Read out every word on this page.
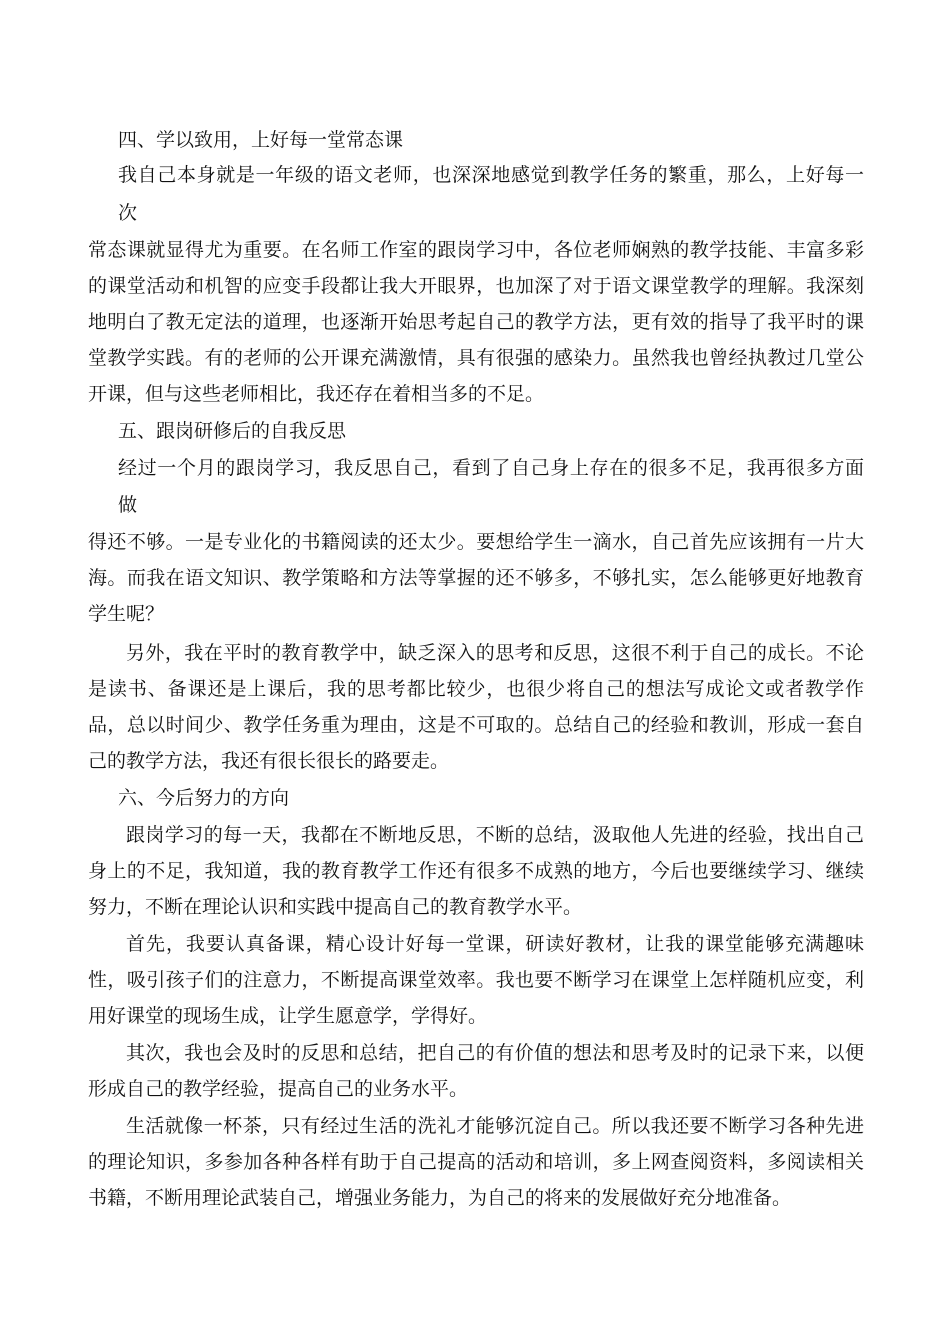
四、学以致用，上好每一堂常态课

我自己本身就是一年级的语文老师，也深深地感觉到教学任务的繁重，那么，上好每一

次

常态课就显得尤为重要。在名师工作室的跟岗学习中，各位老师娴熟的教学技能、丰富多彩

的课堂活动和机智的应变手段都让我大开眼界，也加深了对于语文课堂教学的理解。我深刻

地明白了教无定法的道理，也逐渐开始思考起自己的教学方法，更有效的指导了我平时的课

堂教学实践。有的老师的公开课充满激情，具有很强的感染力。虽然我也曾经执教过几堂公

开课，但与这些老师相比，我还存在着相当多的不足。

五、跟岗研修后的自我反思

经过一个月的跟岗学习，我反思自己，看到了自己身上存在的很多不足，我再很多方面

做

得还不够。一是专业化的书籍阅读的还太少。要想给学生一滴水，自己首先应该拥有一片大

海。而我在语文知识、教学策略和方法等掌握的还不够多，不够扎实，怎么能够更好地教育

学生呢？

另外，我在平时的教育教学中，缺乏深入的思考和反思，这很不利于自己的成长。不论

是读书、备课还是上课后，我的思考都比较少，也很少将自己的想法写成论文或者教学作

品，总以时间少、教学任务重为理由，这是不可取的。总结自己的经验和教训，形成一套自

己的教学方法，我还有很长很长的路要走。

六、今后努力的方向

跟岗学习的每一天，我都在不断地反思，不断的总结，汲取他人先进的经验，找出自己

身上的不足，我知道，我的教育教学工作还有很多不成熟的地方，今后也要继续学习、继续

努力，不断在理论认识和实践中提高自己的教育教学水平。

首先，我要认真备课，精心设计好每一堂课，研读好教材，让我的课堂能够充满趣味

性，吸引孩子们的注意力，不断提高课堂效率。我也要不断学习在课堂上怎样随机应变，利

用好课堂的现场生成，让学生愿意学，学得好。

其次，我也会及时的反思和总结，把自己的有价值的想法和思考及时的记录下来，以便

形成自己的教学经验，提高自己的业务水平。

生活就像一杯茶，只有经过生活的洗礼才能够沉淀自己。所以我还要不断学习各种先进

的理论知识，多参加各种各样有助于自己提高的活动和培训，多上网查阅资料，多阅读相关

书籍，不断用理论武装自己，增强业务能力，为自己的将来的发展做好充分地准备。
